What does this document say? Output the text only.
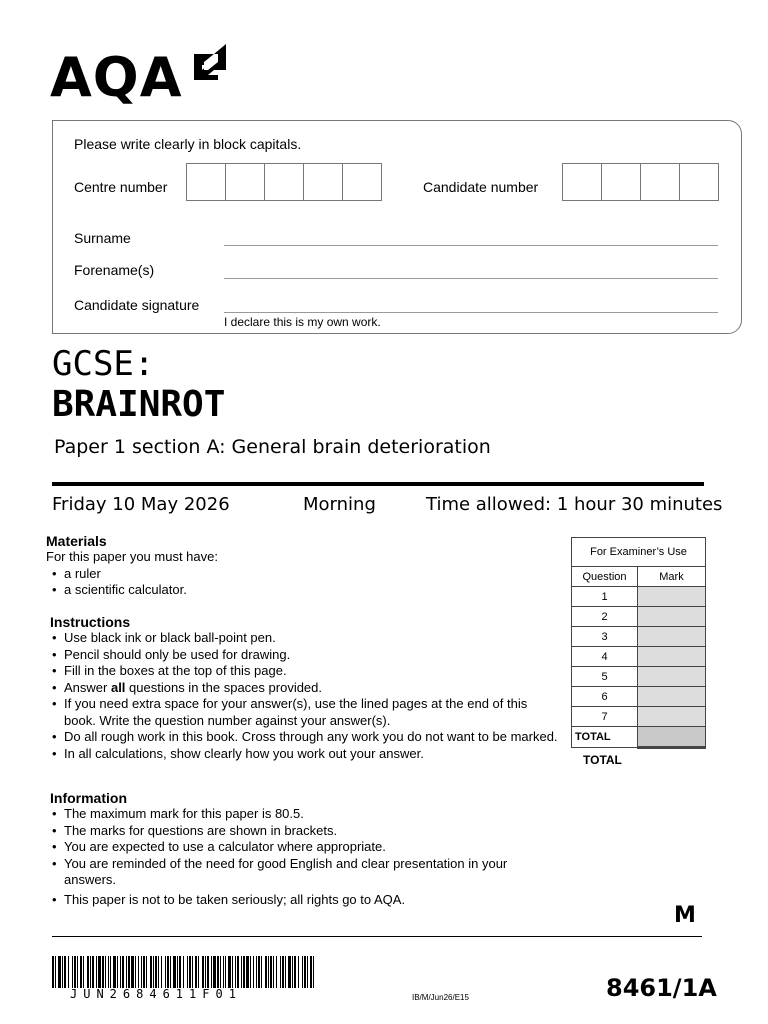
AQA
Please write clearly in block capitals.
Centre number	Candidate number
Surname
Forename(s)
Candidate signature
I declare this is my own work.
GCSE:
BRAINROT
Paper 1 section A: General brain deterioration
Friday 10 May 2026	Morning	Time allowed: 1 hour 30 minutes
Materials
For this paper you must have:
• a ruler
• a scientific calculator.
Instructions
• Use black ink or black ball-point pen.
• Pencil should only be used for drawing.
• Fill in the boxes at the top of this page.
• Answer all questions in the spaces provided.
• If you need extra space for your answer(s), use the lined pages at the end of this book. Write the question number against your answer(s).
• Do all rough work in this book. Cross through any work you do not want to be marked.
• In all calculations, show clearly how you work out your answer.
Information
• The maximum mark for this paper is 80.5.
• The marks for questions are shown in brackets.
• You are expected to use a calculator where appropriate.
• You are reminded of the need for good English and clear presentation in your answers.
• This paper is not to be taken seriously; all rights go to AQA.
For Examiner’s Use	
Question	Mark
1	
2	
3	
4	
5	
6	
7	
TOTAL	
TOTAL
M
JUN2684611F01	IB/M/Jun26/E15	8461/1A
